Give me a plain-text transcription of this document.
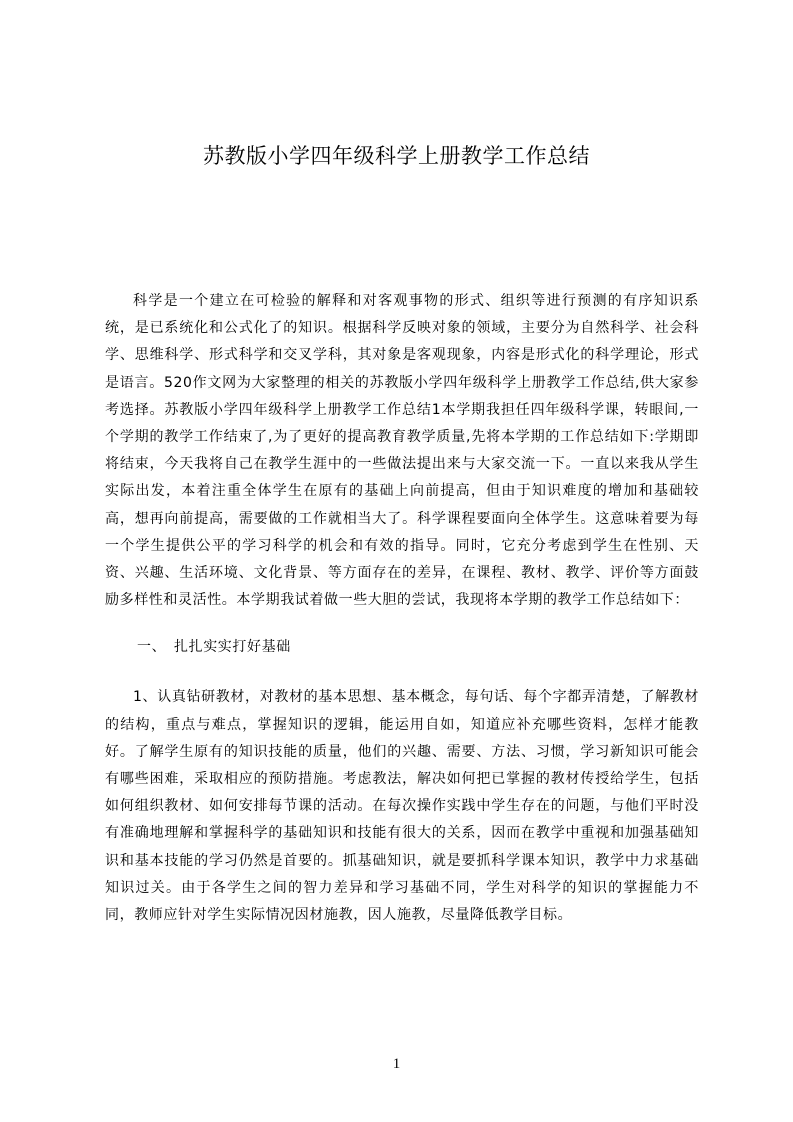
苏教版小学四年级科学上册教学工作总结

科学是一个建立在可检验的解释和对客观事物的形式、组织等进行预测的有序知识系统，是已系统化和公式化了的知识。根据科学反映对象的领域，主要分为自然科学、社会科学、思维科学、形式科学和交叉学科，其对象是客观现象，内容是形式化的科学理论，形式是语言。520作文网为大家整理的相关的苏教版小学四年级科学上册教学工作总结,供大家参考选择。苏教版小学四年级科学上册教学工作总结1本学期我担任四年级科学课，转眼间,一个学期的教学工作结束了,为了更好的提高教育教学质量,先将本学期的工作总结如下:学期即将结束，今天我将自己在教学生涯中的一些做法提出来与大家交流一下。一直以来我从学生实际出发，本着注重全体学生在原有的基础上向前提高，但由于知识难度的增加和基础较高，想再向前提高，需要做的工作就相当大了。科学课程要面向全体学生。这意味着要为每一个学生提供公平的学习科学的机会和有效的指导。同时，它充分考虑到学生在性别、天资、兴趣、生活环境、文化背景、等方面存在的差异，在课程、教材、教学、评价等方面鼓励多样性和灵活性。本学期我试着做一些大胆的尝试，我现将本学期的教学工作总结如下：

一、 扎扎实实打好基础

1、认真钻研教材，对教材的基本思想、基本概念，每句话、每个字都弄清楚，了解教材的结构，重点与难点，掌握知识的逻辑，能运用自如，知道应补充哪些资料，怎样才能教好。了解学生原有的知识技能的质量，他们的兴趣、需要、方法、习惯，学习新知识可能会有哪些困难，采取相应的预防措施。考虑教法，解决如何把已掌握的教材传授给学生，包括如何组织教材、如何安排每节课的活动。在每次操作实践中学生存在的问题，与他们平时没有准确地理解和掌握科学的基础知识和技能有很大的关系，因而在教学中重视和加强基础知识和基本技能的学习仍然是首要的。抓基础知识，就是要抓科学课本知识，教学中力求基础知识过关。由于各学生之间的智力差异和学习基础不同，学生对科学的知识的掌握能力不同，教师应针对学生实际情况因材施教，因人施教，尽量降低教学目标。

1
